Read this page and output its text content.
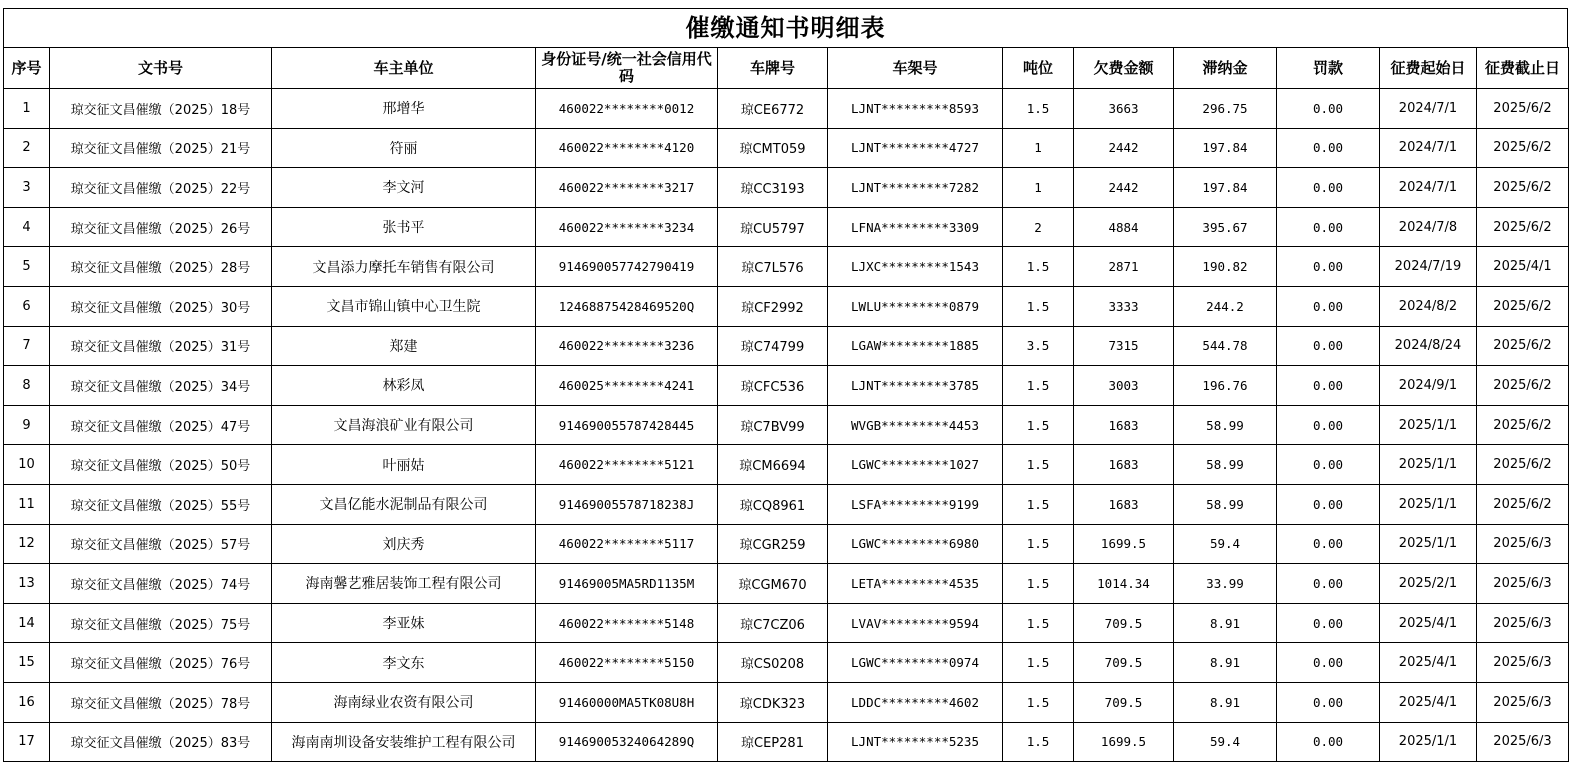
催缴通知书明细表
序号	文书号	车主单位	身份证号/统一社会信用代码	车牌号	车架号	吨位	欠费金额	滞纳金	罚款	征费起始日	征费截止日
1	琼交征文昌催缴（2025）18号	邢增华	460022********0012	琼CE6772	LJNT*********8593	1.5	3663	296.75	0.00	2024/7/1	2025/6/2
2	琼交征文昌催缴（2025）21号	符丽	460022********4120	琼CMT059	LJNT*********4727	1	2442	197.84	0.00	2024/7/1	2025/6/2
3	琼交征文昌催缴（2025）22号	李文河	460022********3217	琼CC3193	LJNT*********7282	1	2442	197.84	0.00	2024/7/1	2025/6/2
4	琼交征文昌催缴（2025）26号	张书平	460022********3234	琼CU5797	LFNA*********3309	2	4884	395.67	0.00	2024/7/8	2025/6/2
5	琼交征文昌催缴（2025）28号	文昌添力摩托车销售有限公司	91469005774279041​9	琼C7L576	LJXC*********1543	1.5	2871	190.82	0.00	2024/7/19	2025/4/1
6	琼交征文昌催缴（2025）30号	文昌市锦山镇中心卫生院	12468875428469520Q	琼CF2992	LWLU*********0879	1.5	3333	244.2	0.00	2024/8/2	2025/6/2
7	琼交征文昌催缴（2025）31号	郑建	460022********3236	琼C74799	LGAW*********1885	3.5	7315	544.78	0.00	2024/8/24	2025/6/2
8	琼交征文昌催缴（2025）34号	林彩凤	460025********4241	琼CFC536	LJNT*********3785	1.5	3003	196.76	0.00	2024/9/1	2025/6/2
9	琼交征文昌催缴（2025）47号	文昌海浪矿业有限公司	914690055787428445	琼C7BV99	WVGB*********4453	1.5	1683	58.99	0.00	2025/1/1	2025/6/2
10	琼交征文昌催缴（2025）50号	叶丽姑	460022********5121	琼CM6694	LGWC*********1027	1.5	1683	58.99	0.00	2025/1/1	2025/6/2
11	琼交征文昌催缴（2025）55号	文昌亿能水泥制品有限公司	91469005578718238J	琼CQ8961	LSFA*********9199	1.5	1683	58.99	0.00	2025/1/1	2025/6/2
12	琼交征文昌催缴（2025）57号	刘庆秀	460022********5117	琼CGR259	LGWC*********6980	1.5	1699.5	59.4	0.00	2025/1/1	2025/6/3
13	琼交征文昌催缴（2025）74号	海南馨艺雅居装饰工程有限公司	91469005MA5RD1135M	琼CGM670	LETA*********4535	1.5	1014.34	33.99	0.00	2025/2/1	2025/6/3
14	琼交征文昌催缴（2025）75号	李亚妹	460022********5148	琼C7CZ06	LVAV*********9594	1.5	709.5	8.91	0.00	2025/4/1	2025/6/3
15	琼交征文昌催缴（2025）76号	李文东	460022********5150	琼CS0208	LGWC*********0974	1.5	709.5	8.91	0.00	2025/4/1	2025/6/3
16	琼交征文昌催缴（2025）78号	海南绿业农资有限公司	91460000MA5TK08U8H	琼CDK323	LDDC*********4602	1.5	709.5	8.91	0.00	2025/4/1	2025/6/3
17	琼交征文昌催缴（2025）83号	海南南圳设备安装维护工程有限公司	91469005324064289Q	琼CEP281	LJNT*********5235	1.5	1699.5	59.4	0.00	2025/1/1	2025/6/3
